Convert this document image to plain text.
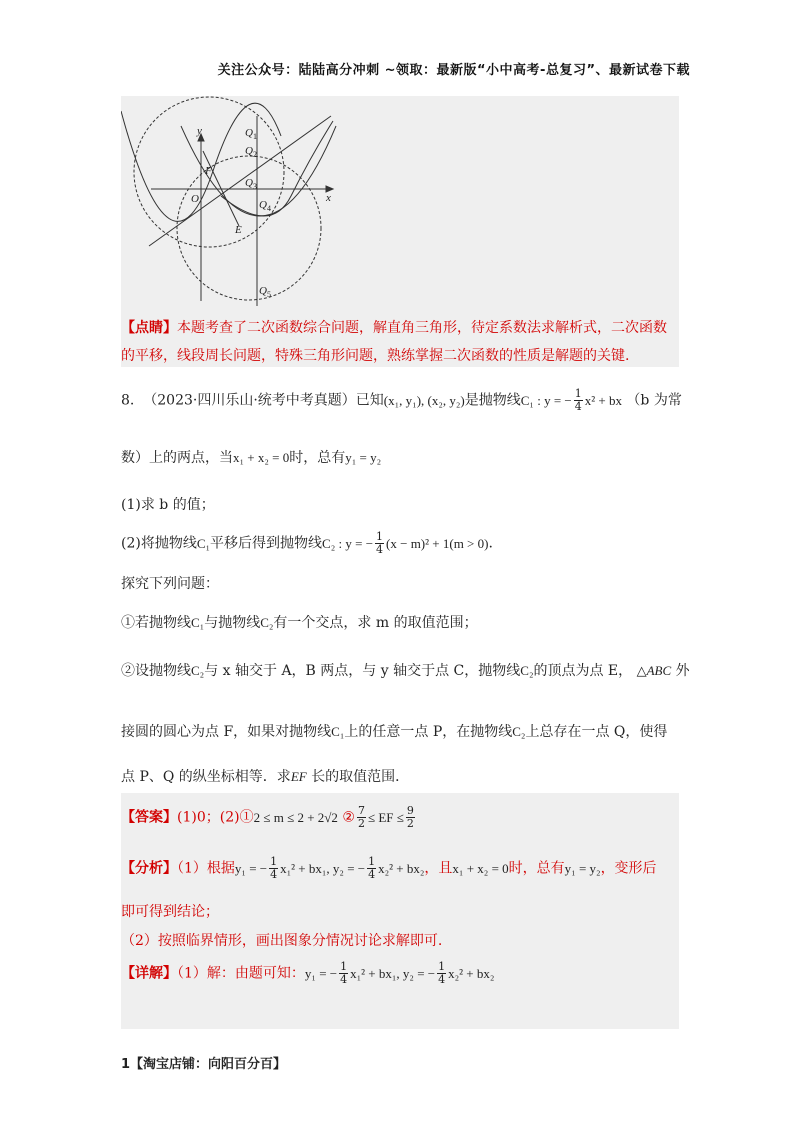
关注公众号：陆陆高分冲刺 ~领取：最新版“小中高考-总复习”、最新试卷下载
y
x
O
F
E
$Q_1$
$Q_2$
$Q_3$
$Q_4$
$Q_5$
【点睛】本题考查了二次函数综合问题，解直角三角形，待定系数法求解析式，二次函数
的平移，线段周长问题，特殊三角形问题，熟练掌握二次函数的性质是解题的关键.
8. （2023·四川乐山·统考中考真题）已知(x₁, y₁), (x₂, y₂)是抛物线C₁ : y = − $\frac{1}{4} x^2$ + bx （b 为常
数）上的两点，当x₁ + x₂ = 0时，总有y₁ = y₂
(1)求 b 的值；
(2)将抛物线C₁平移后得到抛物线C₂ : y = − $\frac{1}{4} (x - m)^2 + 1(m > 0)$.
探究下列问题：
①若抛物线C₁与抛物线C₂有一个交点，求 m 的取值范围；
②设抛物线C₂与 x 轴交于 A，B 两点，与 y 轴交于点 C，抛物线C₂的顶点为点 E， △ABC 外
接圆的圆心为点 F，如果对抛物线C₁上的任意一点 P，在抛物线C₂上总存在一点 Q，使得
点 P、Q 的纵坐标相等．求EF 长的取值范围．
【答案】(1)0；(2)①2 ≤ m ≤ 2 + 2√2 ② $\frac{7}{2}$ ≤ EF ≤ $\frac{9}{2}$
【分析】（1）根据y₁ = − $\frac{1}{4} x_1^2 + bx_1$, y₂ = − $\frac{1}{4} x_2^2 + bx_2$，且x₁ + x₂ = 0时，总有y₁ = y₂，变形后
即可得到结论；
（2）按照临界情形，画出图象分情况讨论求解即可.
【详解】（1）解：由题可知：y₁ = − $\frac{1}{4} x_1^2 + bx_1$, y₂ = − $\frac{1}{4} x_2^2 + bx_2$
1【淘宝店铺：向阳百分百】
